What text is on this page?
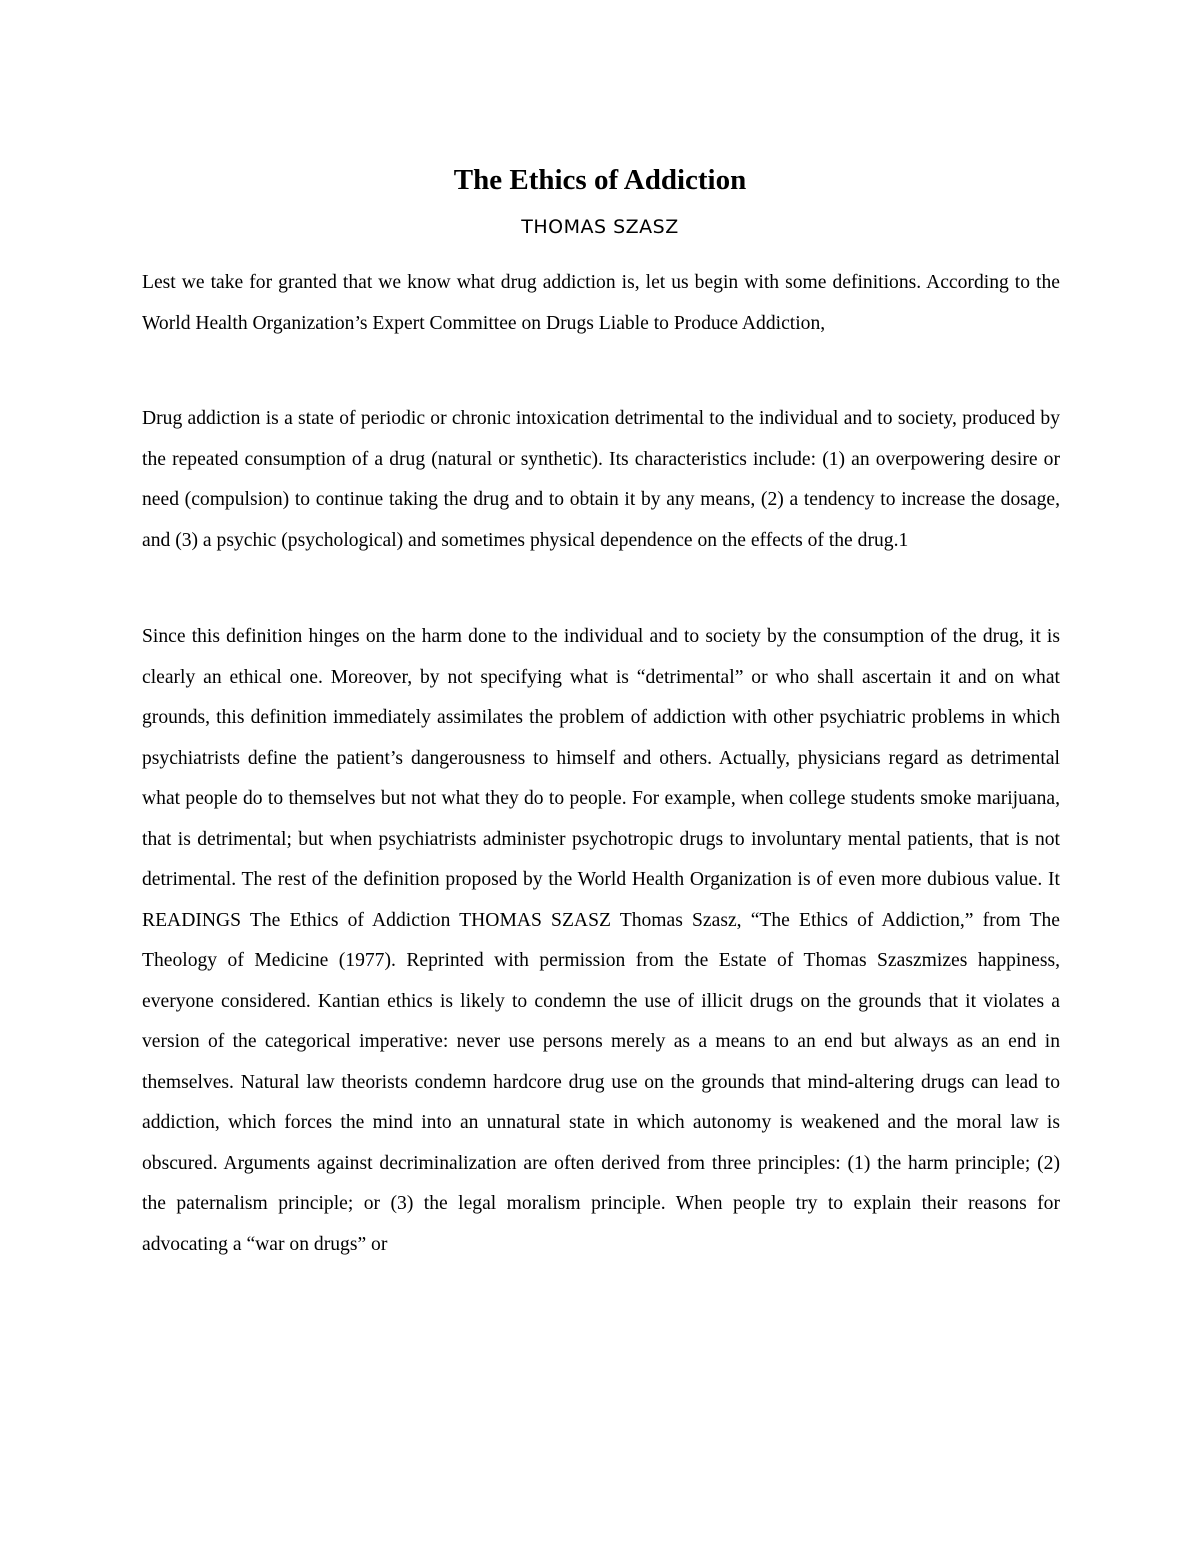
The Ethics of Addiction
THOMAS SZASZ

Lest we take for granted that we know what drug addiction is, let us begin with some definitions. According to the World Health Organization’s Expert Committee on Drugs Liable to Produce Addiction,

Drug addiction is a state of periodic or chronic intoxication detrimental to the individual and to society, produced by the repeated consumption of a drug (natural or synthetic). Its characteristics include: (1) an overpowering desire or need (compulsion) to continue taking the drug and to obtain it by any means, (2) a tendency to increase the dosage, and (3) a psychic (psychological) and sometimes physical dependence on the effects of the drug.1

Since this definition hinges on the harm done to the individual and to society by the consumption of the drug, it is clearly an ethical one. Moreover, by not specifying what is “detrimental” or who shall ascertain it and on what grounds, this definition immediately assimilates the problem of addiction with other psychiatric problems in which psychiatrists define the patient’s dangerousness to himself and others. Actually, physicians regard as detrimental what people do to themselves but not what they do to people. For example, when college students smoke marijuana, that is detrimental; but when psychiatrists administer psychotropic drugs to involuntary mental patients, that is not detrimental. The rest of the definition proposed by the World Health Organization is of even more dubious value. It READINGS The Ethics of Addiction THOMAS SZASZ Thomas Szasz, “The Ethics of Addiction,” from The Theology of Medicine (1977). Reprinted with permission from the Estate of Thomas Szaszmizes happiness, everyone considered. Kantian ethics is likely to condemn the use of illicit drugs on the grounds that it violates a version of the categorical imperative: never use persons merely as a means to an end but always as an end in themselves. Natural law theorists condemn hardcore drug use on the grounds that mind-altering drugs can lead to addiction, which forces the mind into an unnatural state in which autonomy is weakened and the moral law is obscured. Arguments against decriminalization are often derived from three principles: (1) the harm principle; (2) the paternalism principle; or (3) the legal moralism principle. When people try to explain their reasons for advocating a “war on drugs” or
